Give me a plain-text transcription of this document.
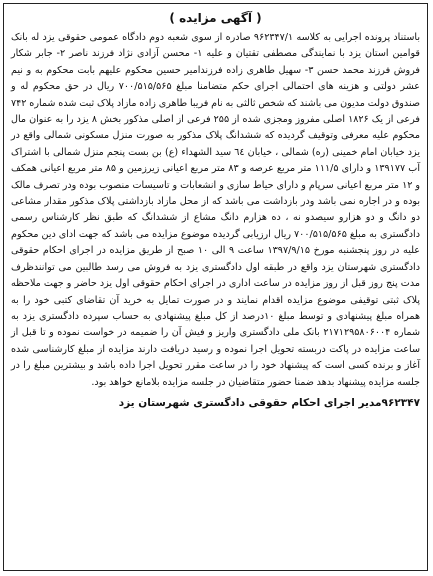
( آگهی مزایده )

باستناد پرونده اجرایی به کلاسه ۹۶۲۳۴۷/۱ صادره از سوی شعبه دوم دادگاه عمومی حقوقی یزد له بانک قوامین استان یزد با نمایندگی مصطفی تقتیان و علیه ۱- محسن آزادی نژاد فرزند ناصر ۲- جابر شکار فروش فرزند محمد حسن ۳- سهیل طاهری زاده فرزندامیر حسین محکوم علیهم بابت محکوم به و نیم عشر دولتی و هزینه های احتمالی اجرای حکم متضامنا مبلغ ۷۰۰/۵۱۵/۵۶۵ ریال در حق محکوم له و صندوق دولت مدیون می باشند که شخص ثالثی به نام فریبا طاهری زاده مازاد پلاک ثبت شده شماره ۷۴۲ فرعی از یک ۱۸۲۶ اصلی مفروز ومجزی شده از ۲۵۵ فرعی از اصلی مذکور بخش ۸ یزد را به عنوان مال محکوم علیه معرفی وتوقیف گردیده که ششدانگ پلاک مذکور به صورت منزل مسکونی شمالی واقع در یزد خیابان امام خمینی (ره) شمالی ، خیابان ٦٤ سید الشهداء (ع) بن بست پنجم منزل شمالی با اشتراک آب ۱۳۹۱۷۷ و دارای ۱۱۱/۵ متر مربع عرصه و ۸۳ متر مربع اعیانی زیرزمین و ۸۵ متر مربع اعیانی همکف و ۱۲ متر مربع اعیانی سرپام و دارای حیاط سازی و انشعابات و تاسیسات منصوب بوده ودر تصرف مالک بوده و در اجاره نمی باشد ودر بازداشت می باشد که از محل مازاد بازداشتی پلاک مذکور مقدار مشاعی دو دانگ و دو هزارو سیصدو نه ، ده هزارم دانگ مشاع از ششدانگ که طبق نظر کارشناس رسمی دادگستری به مبلغ ۷۰۰/۵۱۵/۵۶۵ ریال ارزیابی گردیده موضوع مزایده می باشد که جهت ادای دین محکوم علیه در روز پنجشنبه مورخ ۱۳۹۷/۹/۱۵ ساعت ۹ الی ۱۰ صبح از طریق مزایده در اجرای احکام حقوقی دادگستری شهرستان یزد واقع در طبقه اول دادگستری یزد به فروش می رسد طالبین می توانندظرف مدت پنج روز قبل از روز مزایده در ساعت اداری در اجرای احکام حقوقی اول یزد حاضر و جهت ملاحظه پلاک ثبتی توقیفی موضوع مزایده اقدام نمایند و در صورت تمایل به خرید آن تقاضای کتبی خود را به همراه مبلغ پیشنهادی و توسط مبلغ ۱۰درصد از کل مبلغ پیشنهادی به حساب سپرده دادگستری یزد به شماره ۲۱۷۱۲۹۵۸۰۶۰۰۴ بانک ملی دادگستری واریز و فیش آن را ضمیمه در خواست نموده و تا قبل از ساعت مزایده در پاکت دربسته تحویل اجرا نموده و رسید دریافت دارند مزایده از مبلغ کارشناسی شده آغاز و برنده کسی است که پیشنهاد خود را در ساعت مقرر تحویل اجرا داده باشد و بیشترین مبلغ را در جلسه مزایده پیشنهاد بدهد ضمنا حضور متقاضیان در جلسه مزایده بلامانع خواهد بود.

۹۶۲۳۴۷مدیر اجرای احکام حقوقی دادگستری شهرستان یزد
